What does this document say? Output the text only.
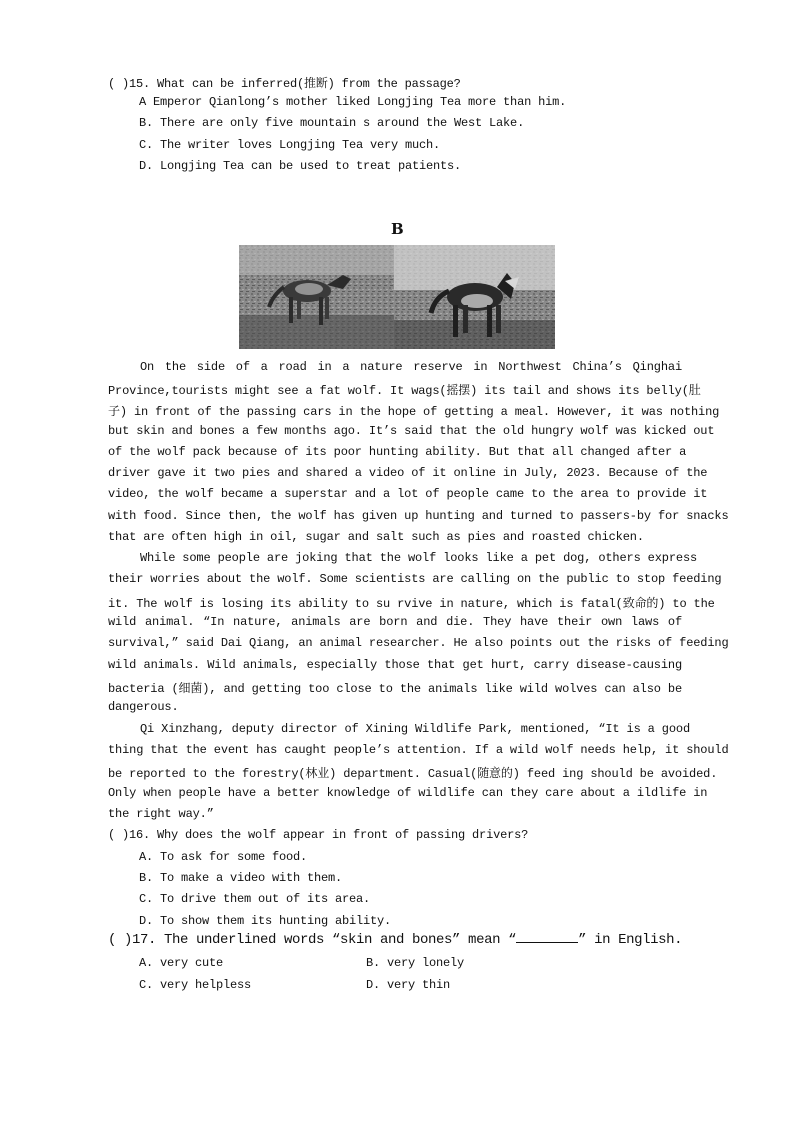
( )15. What can be inferred(推断) from the passage?
A Emperor Qianlong’s mother liked Longjing Tea more than him.
B. There are only five mountain s around the West Lake.
C. The writer loves Longjing Tea very much.
D. Longjing Tea can be used to treat patients.
B
On the side of a road in a nature reserve in Northwest China’s Qinghai
Province,tourists might see a fat wolf. It wags(摇摆) its tail and shows its belly(肚
子) in front of the passing cars in the hope of getting a meal. However, it was nothing
but skin and bones a few months ago. It’s said that the old hungry wolf was kicked out
of the wolf pack because of its poor hunting ability. But that all changed after a
driver gave it two pies and shared a video of it online in July, 2023. Because of the
video, the wolf became a superstar and a lot of people came to the area to provide it
with food. Since then, the wolf has given up hunting and turned to passers-by for snacks
that are often high in oil, sugar and salt such as pies and roasted chicken.
While some people are joking that the wolf looks like a pet dog, others express
their worries about the wolf. Some scientists are calling on the public to stop feeding
it. The wolf is losing its ability to su rvive in nature, which is fatal(致命的) to the
wild animal. “In nature, animals are born and die. They have their own laws of
survival,” said Dai Qiang, an animal researcher. He also points out the risks of feeding
wild animals. Wild animals, especially those that get hurt, carry disease-causing
bacteria (细菌), and getting too close to the animals like wild wolves can also be
dangerous.
Qi Xinzhang, deputy director of Xining Wildlife Park, mentioned, “It is a good
thing that the event has caught people’s attention. If a wild wolf needs help, it should
be reported to the forestry(林业) department. Casual(随意的) feed ing should be avoided.
Only when people have a better knowledge of wildlife can they care about a ildlife in
the right way.”
( )16. Why does the wolf appear in front of passing drivers?
A. To ask for some food.
B. To make a video with them.
C. To drive them out of its area.
D. To show them its hunting ability.
( )17. The underlined words “skin and bones” mean “	” in English.
A. very cute	B. very lonely
C. very helpless	D. very thin
